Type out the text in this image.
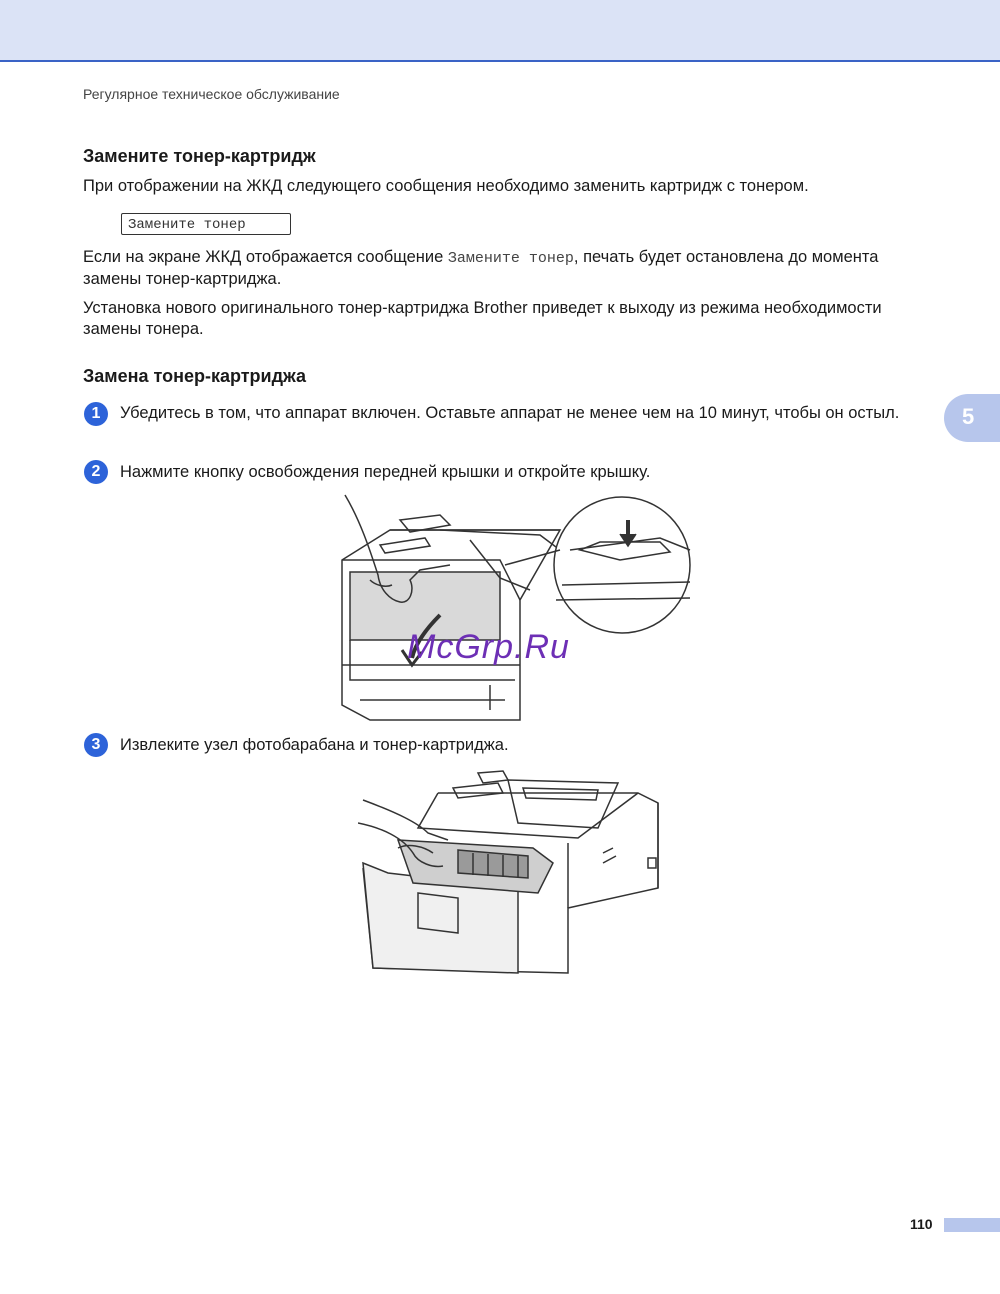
Регулярное техническое обслуживание
5
Замените тонер-картридж

При отображении на ЖКД следующего сообщения необходимо заменить картридж с тонером.

Замените тонер

Если на экране ЖКД отображается сообщение Замените тонер, печать будет остановлена до момента замены тонер-картриджа.

Установка нового оригинального тонер-картриджа Brother приведет к выходу из режима необходимости замены тонера.

Замена тонер-картриджа
1	Убедитесь в том, что аппарат включен. Оставьте аппарат не менее чем на 10 минут, чтобы он остыл.

2	Нажмите кнопку освобождения передней крышки и откройте крышку.

McGrp.Ru
3	Извлеките узел фотобарабана и тонер-картриджа.

110
